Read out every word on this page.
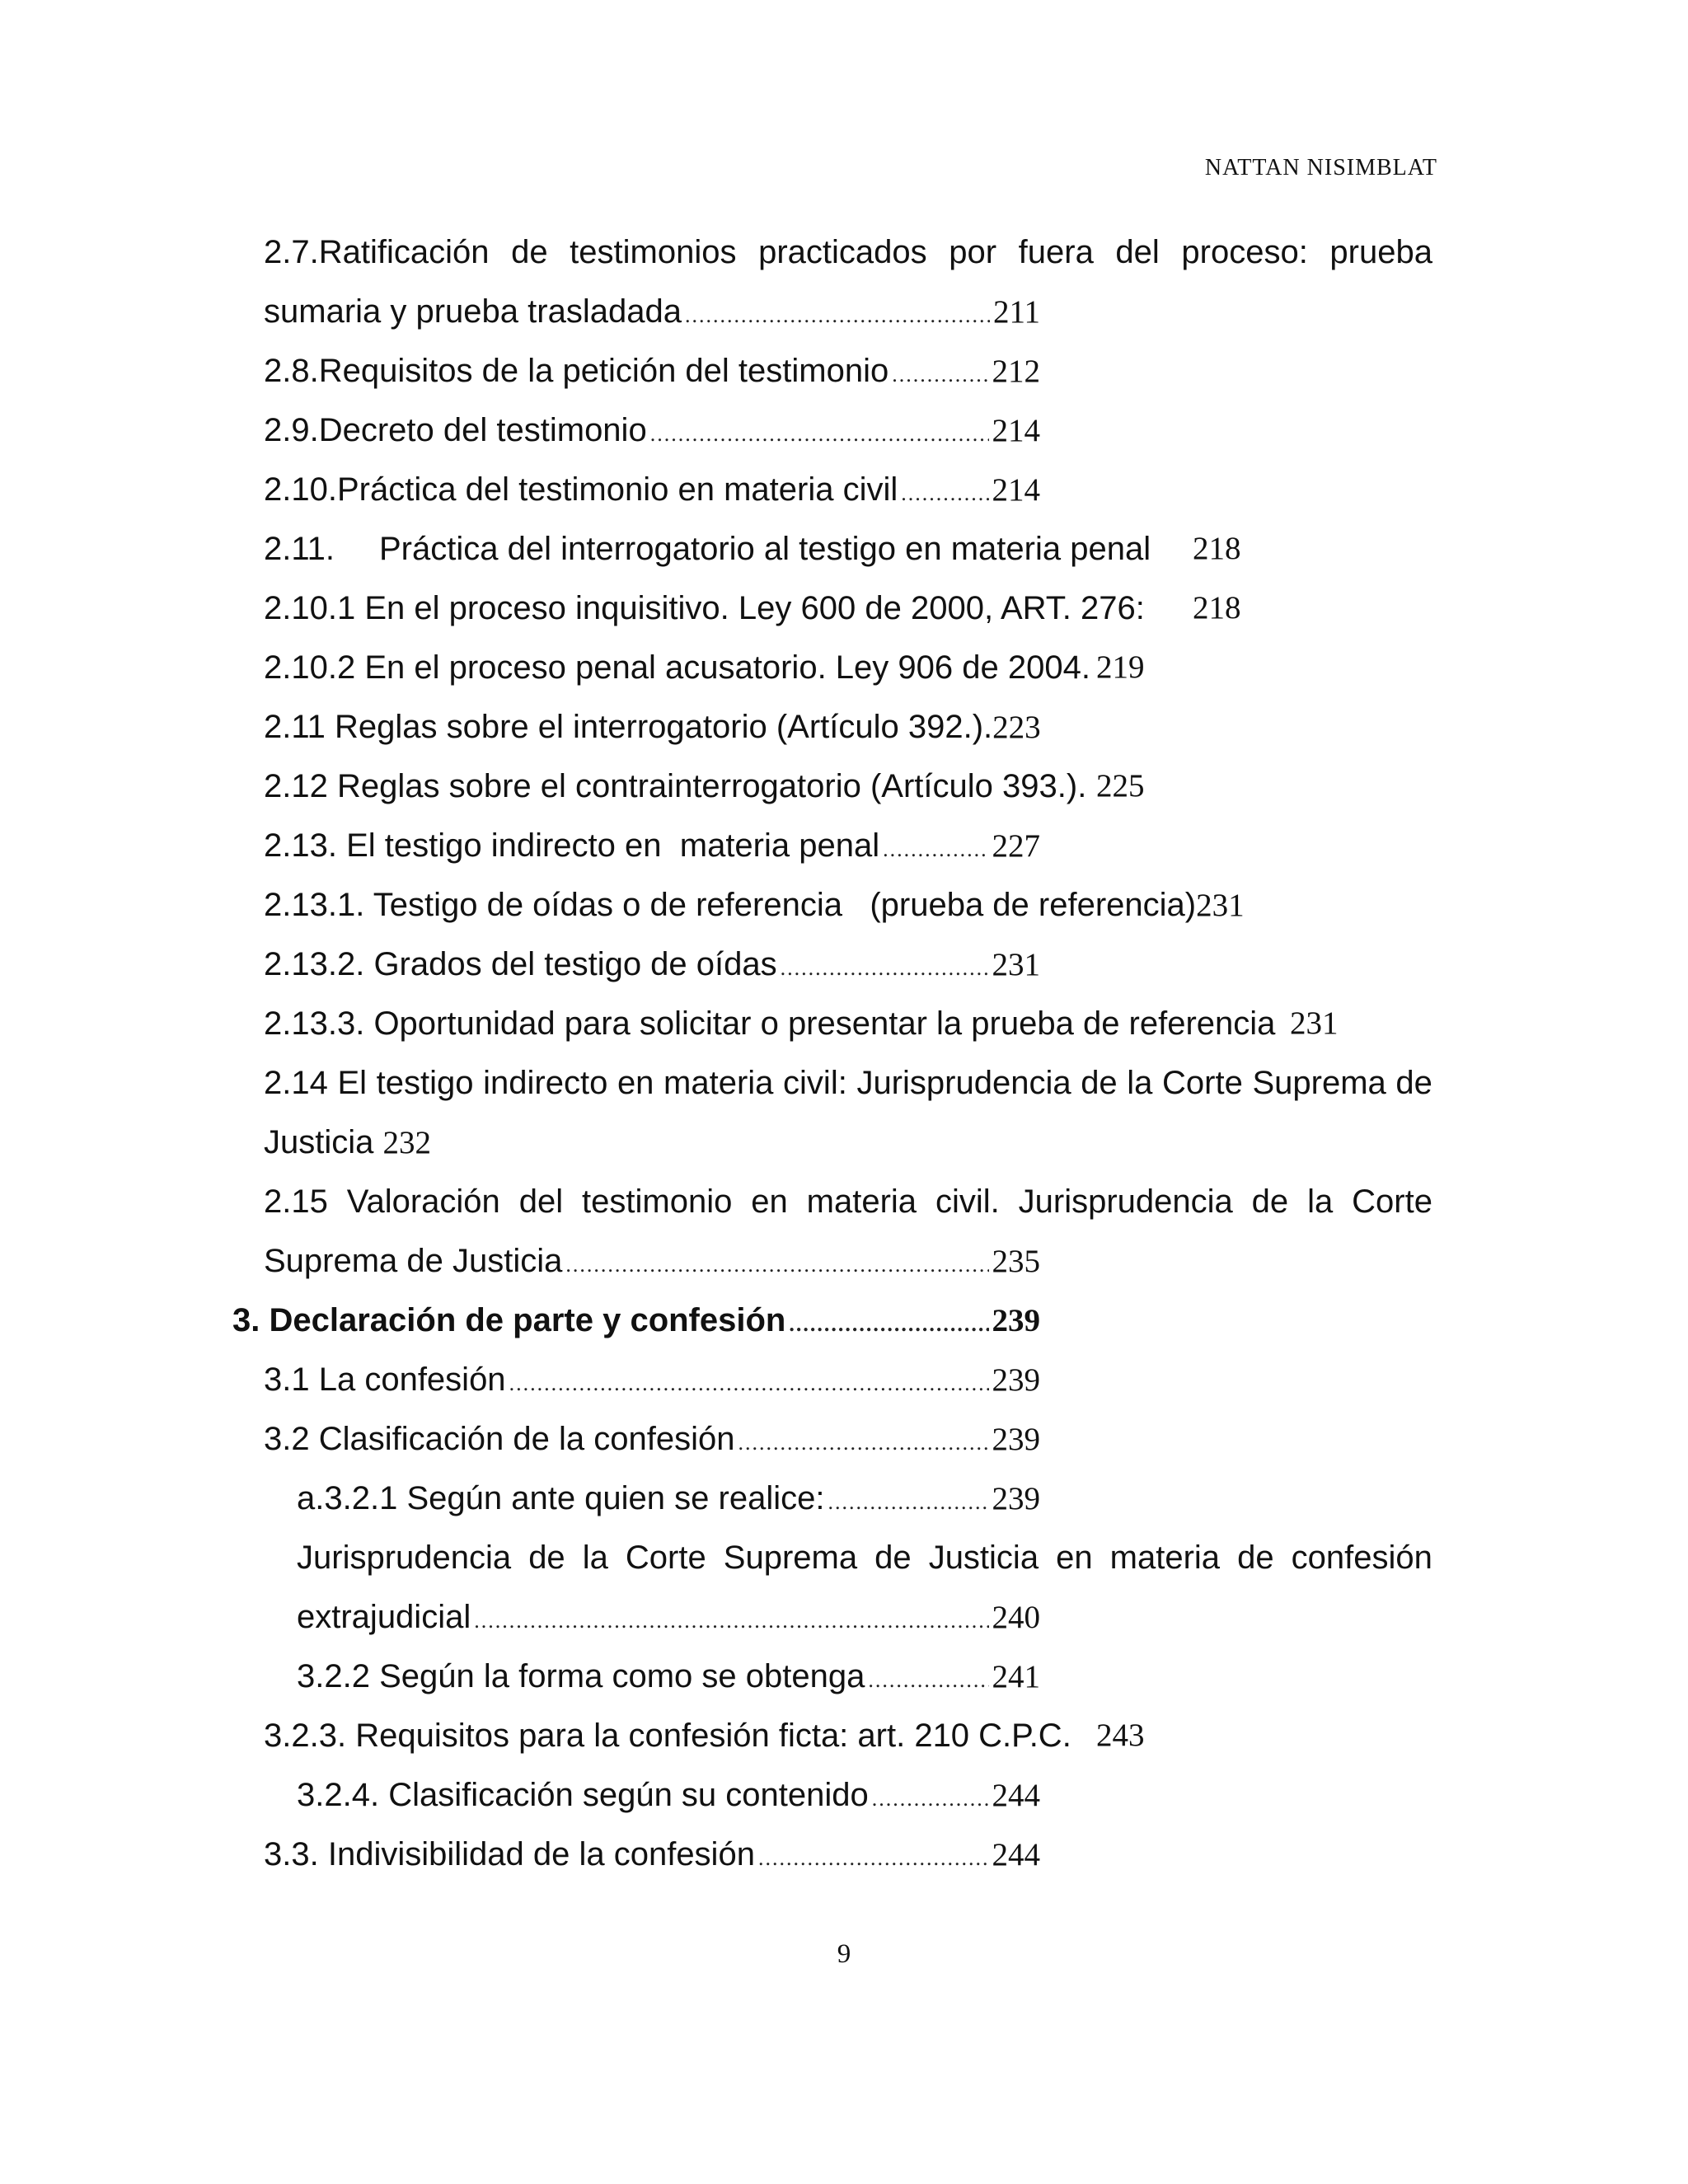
NATTAN NISIMBLAT
2.7.Ratificación de testimonios practicados por fuera del proceso: prueba
sumaria y prueba trasladada .....	211
2.8.Requisitos de la petición del testimonio .....	212
2.9.Decreto del testimonio .....	214
2.10. Práctica del testimonio en materia civil .....	214
2.11. Práctica del interrogatorio al testigo en materia penal 218
2.10.1 En el proceso inquisitivo. Ley 600 de 2000, ART. 276: 218
2.10.2 En el proceso penal acusatorio. Ley 906 de 2004. 219
2.11 Reglas sobre el interrogatorio (Artículo 392.).223
2.12 Reglas sobre el contrainterrogatorio (Artículo 393.). 225
2.13. El testigo indirecto en  materia penal .....	227
2.13.1. Testigo de oídas o de referencia   (prueba de referencia)231
2.13.2. Grados del testigo de oídas .....	231
2.13.3. Oportunidad para solicitar o presentar la prueba de referencia 231
2.14 El testigo indirecto en materia civil: Jurisprudencia de la Corte Suprema de
Justicia 232
2.15 Valoración del testimonio en materia civil. Jurisprudencia de la Corte
Suprema de Justicia .....	235
3. Declaración de parte y confesión .....	239
3.1 La confesión .....	239
3.2 Clasificación de la confesión .....	239
a. 3.2.1 Según ante quien se realice: .....	239
Jurisprudencia de la Corte Suprema de Justicia en materia de confesión
extrajudicial .....	240
3.2.2 Según la forma como se obtenga .....	241
3.2.3. Requisitos para la confesión ficta: art. 210 C.P.C. 243
3.2.4. Clasificación según su contenido .....	244
3.3. Indivisibilidad de la confesión .....	244
9
